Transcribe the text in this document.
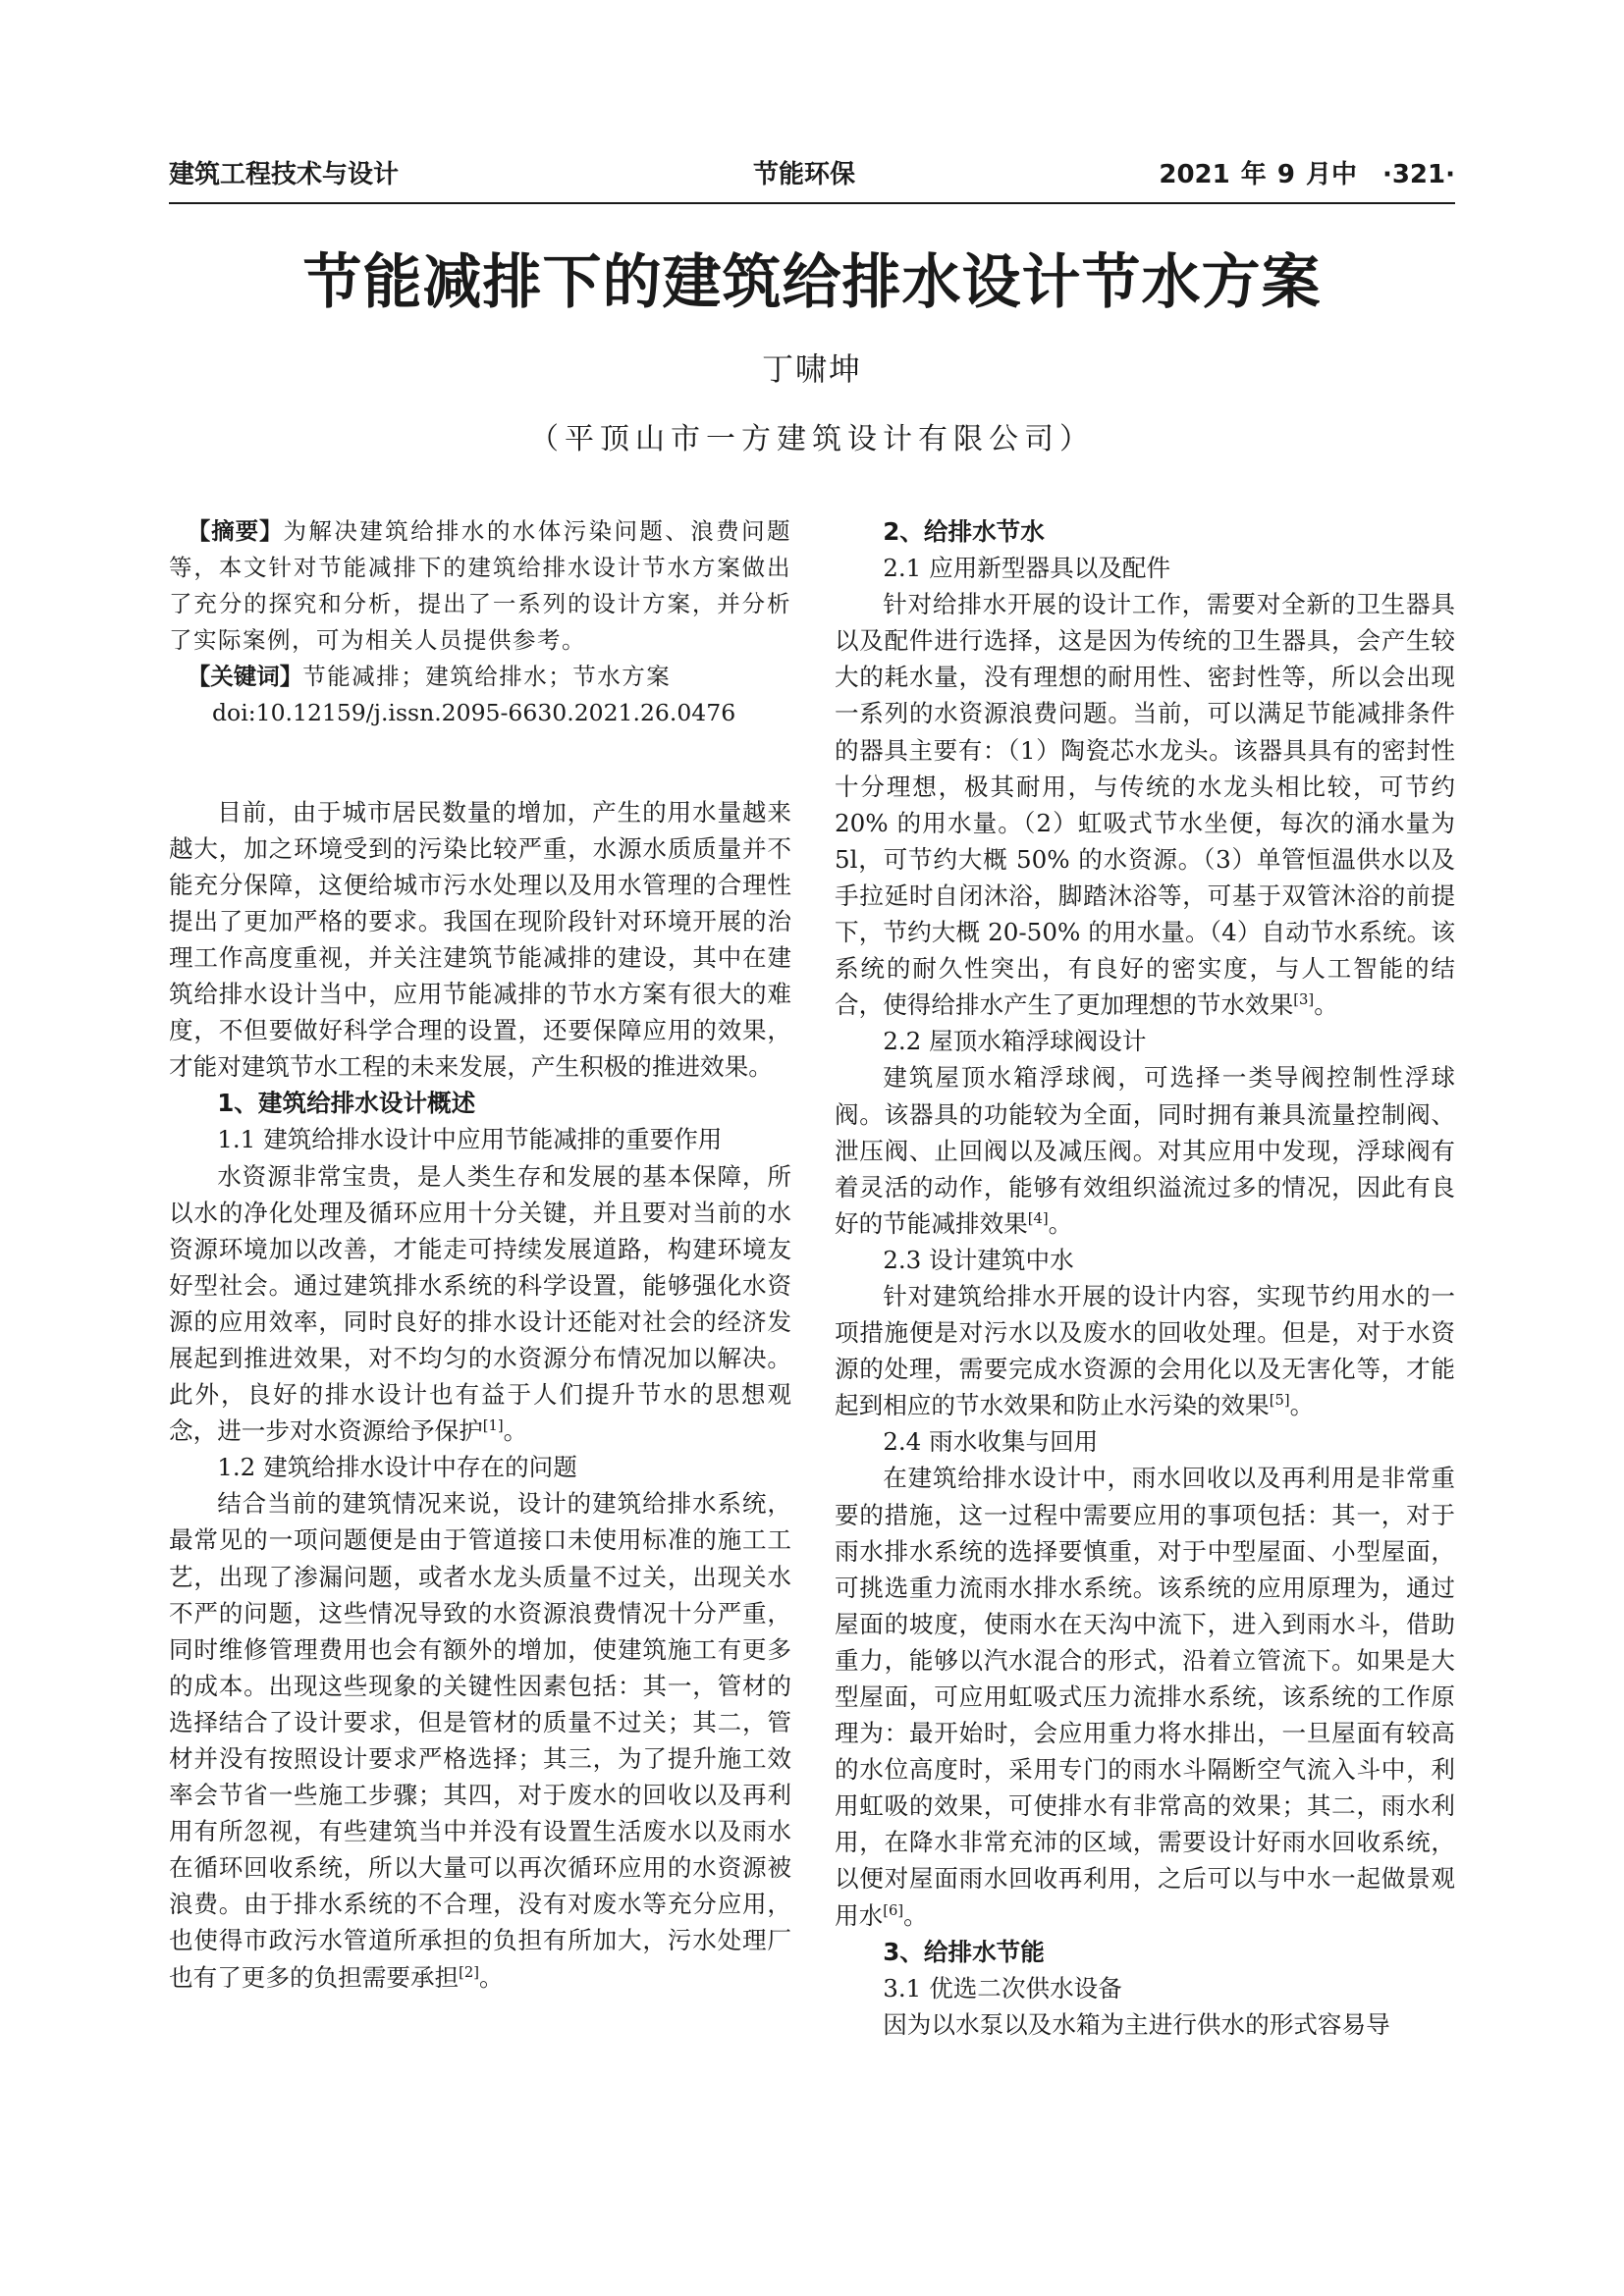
建筑工程技术与设计	节能环保	2021 年 9 月中　·321·
节能减排下的建筑给排水设计节水方案
丁啸坤
（平顶山市一方建筑设计有限公司）

【摘要】为解决建筑给排水的水体污染问题、浪费问题等，本文针对节能减排下的建筑给排水设计节水方案做出了充分的探究和分析，提出了一系列的设计方案，并分析了实际案例，可为相关人员提供参考。

【关键词】节能减排；建筑给排水；节水方案

doi:10.12159/j.issn.2095-6630.2021.26.0476

目前，由于城市居民数量的增加，产生的用水量越来越大，加之环境受到的污染比较严重，水源水质质量并不能充分保障，这便给城市污水处理以及用水管理的合理性提出了更加严格的要求。我国在现阶段针对环境开展的治理工作高度重视，并关注建筑节能减排的建设，其中在建筑给排水设计当中，应用节能减排的节水方案有很大的难度，不但要做好科学合理的设置，还要保障应用的效果，才能对建筑节水工程的未来发展，产生积极的推进效果。

1、建筑给排水设计概述
1.1 建筑给排水设计中应用节能减排的重要作用

水资源非常宝贵，是人类生存和发展的基本保障，所以水的净化处理及循环应用十分关键，并且要对当前的水资源环境加以改善，才能走可持续发展道路，构建环境友好型社会。通过建筑排水系统的科学设置，能够强化水资源的应用效率，同时良好的排水设计还能对社会的经济发展起到推进效果，对不均匀的水资源分布情况加以解决。此外，良好的排水设计也有益于人们提升节水的思想观念，进一步对水资源给予保护[1]。

1.2 建筑给排水设计中存在的问题

结合当前的建筑情况来说，设计的建筑给排水系统，最常见的一项问题便是由于管道接口未使用标准的施工工艺，出现了渗漏问题，或者水龙头质量不过关，出现关水不严的问题，这些情况导致的水资源浪费情况十分严重，同时维修管理费用也会有额外的增加，使建筑施工有更多的成本。出现这些现象的关键性因素包括：其一，管材的选择结合了设计要求，但是管材的质量不过关；其二，管材并没有按照设计要求严格选择；其三，为了提升施工效率会节省一些施工步骤；其四，对于废水的回收以及再利用有所忽视，有些建筑当中并没有设置生活废水以及雨水在循环回收系统，所以大量可以再次循环应用的水资源被浪费。由于排水系统的不合理，没有对废水等充分应用，也使得市政污水管道所承担的负担有所加大，污水处理厂也有了更多的负担需要承担[2]。

2、给排水节水
2.1 应用新型器具以及配件

针对给排水开展的设计工作，需要对全新的卫生器具以及配件进行选择，这是因为传统的卫生器具，会产生较大的耗水量，没有理想的耐用性、密封性等，所以会出现一系列的水资源浪费问题。当前，可以满足节能减排条件的器具主要有：（1）陶瓷芯水龙头。该器具具有的密封性十分理想，极其耐用，与传统的水龙头相比较，可节约 20% 的用水量。（2）虹吸式节水坐便，每次的涌水量为 5l，可节约大概 50% 的水资源。（3）单管恒温供水以及手拉延时自闭沐浴，脚踏沐浴等，可基于双管沐浴的前提下，节约大概 20-50% 的用水量。（4）自动节水系统。该系统的耐久性突出，有良好的密实度，与人工智能的结合，使得给排水产生了更加理想的节水效果[3]。

2.2 屋顶水箱浮球阀设计

建筑屋顶水箱浮球阀，可选择一类导阀控制性浮球阀。该器具的功能较为全面，同时拥有兼具流量控制阀、泄压阀、止回阀以及减压阀。对其应用中发现，浮球阀有着灵活的动作，能够有效组织溢流过多的情况，因此有良好的节能减排效果[4]。

2.3 设计建筑中水

针对建筑给排水开展的设计内容，实现节约用水的一项措施便是对污水以及废水的回收处理。但是，对于水资源的处理，需要完成水资源的会用化以及无害化等，才能起到相应的节水效果和防止水污染的效果[5]。

2.4 雨水收集与回用

在建筑给排水设计中，雨水回收以及再利用是非常重要的措施，这一过程中需要应用的事项包括：其一，对于雨水排水系统的选择要慎重，对于中型屋面、小型屋面，可挑选重力流雨水排水系统。该系统的应用原理为，通过屋面的坡度，使雨水在天沟中流下，进入到雨水斗，借助重力，能够以汽水混合的形式，沿着立管流下。如果是大型屋面，可应用虹吸式压力流排水系统，该系统的工作原理为：最开始时，会应用重力将水排出，一旦屋面有较高的水位高度时，采用专门的雨水斗隔断空气流入斗中，利用虹吸的效果，可使排水有非常高的效果；其二，雨水利用，在降水非常充沛的区域，需要设计好雨水回收系统，以便对屋面雨水回收再利用，之后可以与中水一起做景观用水[6]。

3、给排水节能
3.1 优选二次供水设备

因为以水泵以及水箱为主进行供水的形式容易导
